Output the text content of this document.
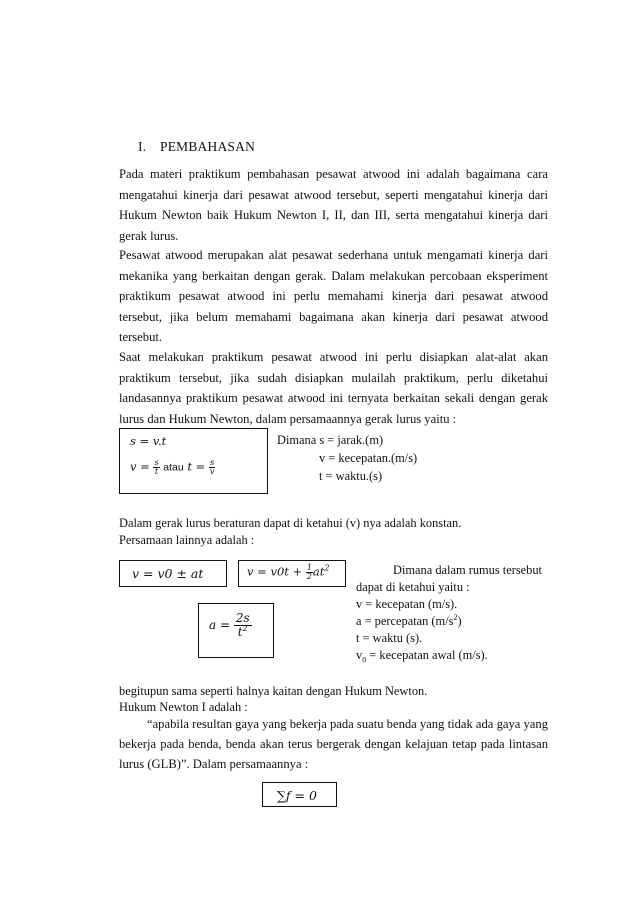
I. PEMBAHASAN
Pada materi praktikum pembahasan pesawat atwood ini adalah bagaimana cara mengatahui kinerja dari pesawat atwood tersebut, seperti mengatahui kinerja dari Hukum Newton baik Hukum Newton I, II, dan III, serta mengatahui kinerja dari gerak lurus.
Pesawat atwood merupakan alat pesawat sederhana untuk mengamati kinerja dari mekanika yang berkaitan dengan gerak. Dalam melakukan percobaan eksperiment praktikum pesawat atwood ini perlu memahami kinerja dari pesawat atwood tersebut, jika belum memahami bagaimana akan kinerja dari pesawat atwood tersebut.
Saat melakukan praktikum pesawat atwood ini perlu disiapkan alat-alat akan praktikum tersebut, jika sudah disiapkan mulailah praktikum, perlu diketahui landasannya praktikum pesawat atwood ini ternyata berkaitan sekali dengan gerak lurus dan Hukum Newton, dalam persamaannya gerak lurus yaitu :
s = v.t
$v = \frac{s}{t}$ atau $t = \frac{s}{v}$
Dimana s = jarak.(m)
v = kecepatan.(m/s)
t = waktu.(s)
Dalam gerak lurus beraturan dapat di ketahui (v) nya adalah konstan.
Persamaan lainnya adalah :
v = v0 ± at	$v = v0t + \frac{1}{2} at^2$
$a = \frac{2s}{t^2}$
Dimana dalam rumus tersebut
dapat di ketahui yaitu :
v = kecepatan (m/s).
a = percepatan $(m/s^2)$
t = waktu (s).
$v_0$ = kecepatan awal (m/s).
begitupun sama seperti halnya kaitan dengan Hukum Newton.
Hukum Newton I adalah :
“apabila resultan gaya yang bekerja pada suatu benda yang tidak ada gaya yang bekerja pada benda, benda akan terus bergerak dengan kelajuan tetap pada lintasan lurus (GLB)”. Dalam persamaannya :
∑f = 0
